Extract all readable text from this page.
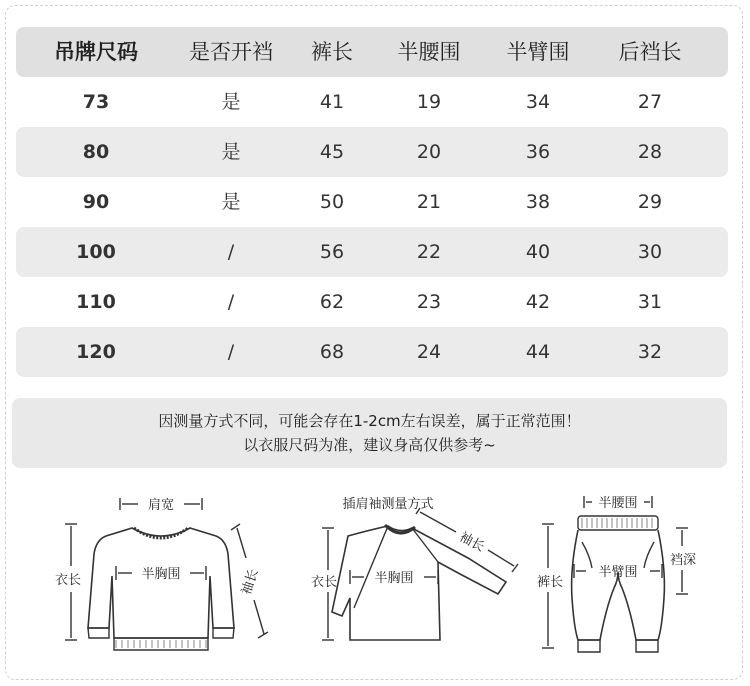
吊牌尺码	是否开裆	裤长	半腰围	半臂围	后裆长
73	是	41	19	34	27
80	是	45	20	36	28
90	是	50	21	38	29
100	/	56	22	40	30
110	/	62	23	42	31
120	/	68	24	44	32
因测量方式不同，可能会存在1-2cm左右误差，属于正常范围！
以衣服尺码为准，建议身高仅供参考~
肩宽
衣长	半胸围	袖长
插肩袖测量方式
衣长	半胸围
袖长
半腰围
裤长
半臂围
裆深
